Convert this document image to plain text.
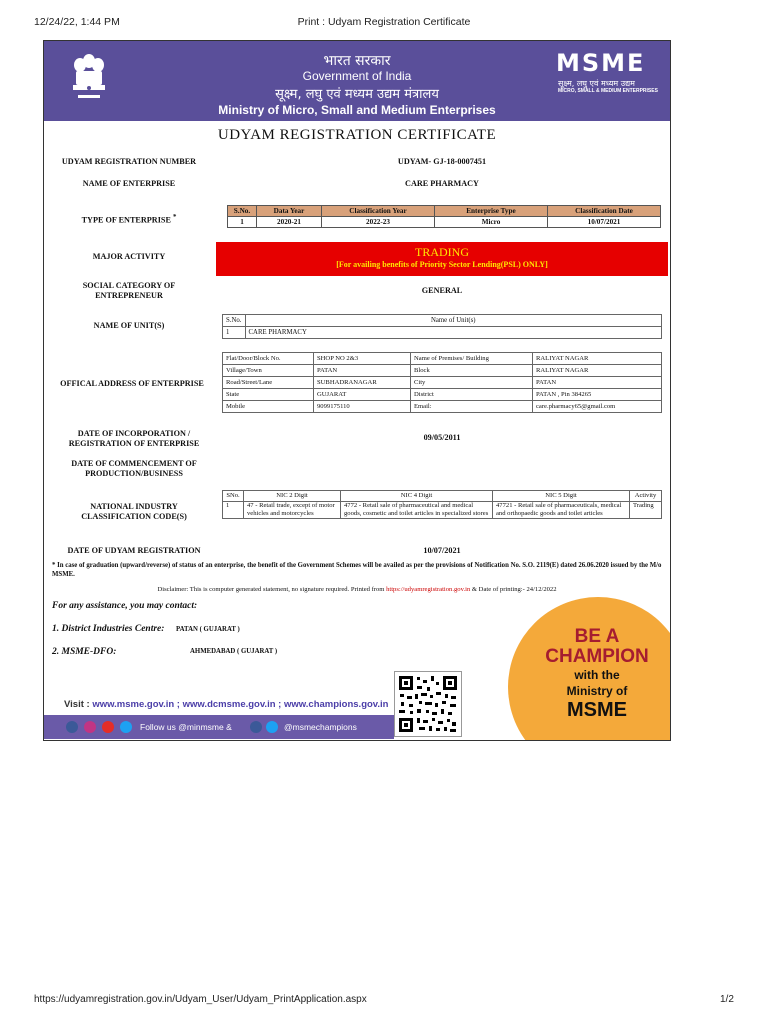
12/24/22, 1:44 PM	Print : Udyam Registration Certificate
https://udyamregistration.gov.in/Udyam_User/Udyam_PrintApplication.aspx	1/2
भारत सरकार
Government of India
सूक्ष्म, लघु एवं मध्यम उद्यम मंत्रालय
Ministry of Micro, Small and Medium Enterprises
MSME
सूक्ष्म, लघु एवं मध्यम उद्यम
MICRO, SMALL & MEDIUM ENTERPRISES
UDYAM REGISTRATION CERTIFICATE
UDYAM REGISTRATION NUMBER	UDYAM- GJ-18-0007451
NAME OF ENTERPRISE	CARE PHARMACY
TYPE OF ENTERPRISE *
S.No.	Data Year	Classification Year	Enterprise Type	Classification Date
1	2020-21	2022-23	Micro	10/07/2021
MAJOR ACTIVITY	TRADING
[For availing benefits of Priority Sector Lending(PSL) ONLY]
SOCIAL CATEGORY OF
ENTREPRENEUR
GENERAL
NAME OF UNIT(S)
S.No.	Name of Unit(s)
1	CARE PHARMACY
OFFICAL ADDRESS OF ENTERPRISE
Flat/Door/Block No.	SHOP NO 2&3	Name of Premises/ Building	RALIYAT NAGAR
Village/Town	PATAN	Block	RALIYAT NAGAR
Road/Street/Lane	SUBHADRANAGAR	City	PATAN
State	GUJARAT	District	PATAN , Pin 384265
Mobile	9099175110	Email:	care.pharmacy65@gmail.com
DATE OF INCORPORATION /
REGISTRATION OF ENTERPRISE
09/05/2011
DATE OF COMMENCEMENT OF
PRODUCTION/BUSINESS
NATIONAL INDUSTRY
CLASSIFICATION CODE(S)
SNo.	NIC 2 Digit	NIC 4 Digit	NIC 5 Digit	Activity
1	47 - Retail trade, except of motor vehicles and motorcycles	4772 - Retail sale of pharmaceutical and medical goods, cosmetic and toilet articles in specialized stores	47721 - Retail sale of pharmaceuticals, medical and orthopaedic goods and toilet articles	Trading
DATE OF UDYAM REGISTRATION	10/07/2021
* In case of graduation (upward/reverse) of status of an enterprise, the benefit of the Government Schemes will be availed as per the provisions of Notification No. S.O. 2119(E) dated 26.06.2020 issued by the M/o MSME.
Disclaimer: This is computer generated statement, no signature required. Printed from https://udyamregistration.gov.in & Date of printing:- 24/12/2022
For any assistance, you may contact:
1. District Industries Centre: PATAN ( GUJARAT )
2. MSME-DFO:	AHMEDABAD ( GUJARAT )
BE A
CHAMPION
with the
Ministry of
MSME
Visit : www.msme.gov.in ; www.dcmsme.gov.in ; www.champions.gov.in
Follow us @minmsme &	@msmechampions
